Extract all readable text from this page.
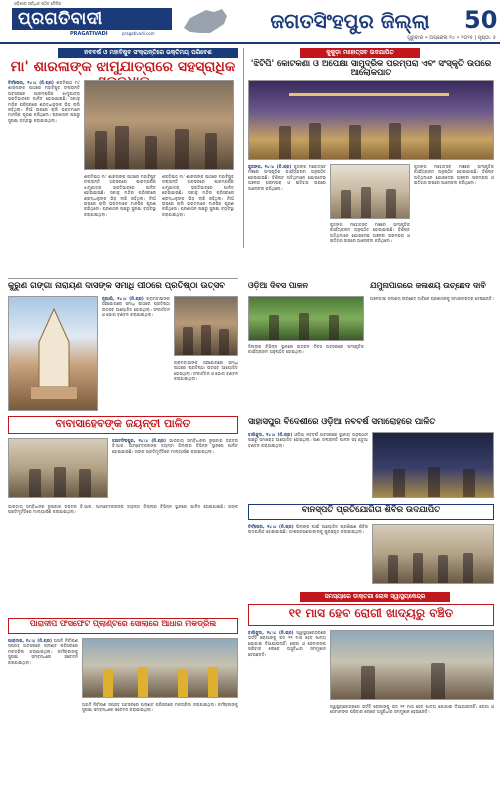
ଓଡ଼ିଶାର ସର୍ବାଧିକ ପଠିତ ଦୈନିକ
ପ୍ରଗତିବାଦୀ
PRAGATIVADI	pragativadi.com
ଜଗତସିଂହପୁର ଜିଲ୍ଲା	50
ଗୁରୁବାର • ଅପ୍ରେଲ ୧୪ • ୨୦୨୫ | ପୃଷ୍ଠା: ୫
ନବବର୍ଷ ଓ ମହାବିଷୁବ ସଂକ୍ରାନ୍ତିରେ ଭକ୍ତିମୟ ପରିବେଶ
ମା' ଶାରଳାଙ୍କ ଝାମୁଯାତ୍ରାରେ ସହସ୍ରାଧିକ
ତିର୍ତ୍ତୋଲ, ୧୪।୪ (ନି.ପ୍ର) ଶକ୍ତିପୀଠ ମା' ଶାରଳାଙ୍କ ପୀଠରେ ମହାବିଷୁବ ସଂକ୍ରାନ୍ତି ଅବସରରେ ପାରମ୍ପରିକ ଝାମୁଯାତ୍ରା ଭକ୍ତିଭାବରେ ପାଳିତ ହୋଇଯାଇଛି। ସକାଳୁ ମନ୍ଦିର ପରିସରରେ ଶ୍ରଦ୍ଧାଳୁଙ୍କ ଭିଡ଼ ଲାଗି ରହିଥିଲା। ନିଆଁ ଉପରେ ଚାଲି ଭକ୍ତମାନେ ମାନସିକ ପୂରଣ କରିଥିଲେ। ପ୍ରଶାସନ ପକ୍ଷରୁ ସୁରକ୍ଷା ବ୍ୟବସ୍ଥା କରାଯାଇଥିଲା।
ଶକ୍ତିପୀଠ ମା' ଶାରଳାଙ୍କ ପୀଠରେ ମହାବିଷୁବ ସଂକ୍ରାନ୍ତି ଅବସରରେ ପାରମ୍ପରିକ ଝାମୁଯାତ୍ରା ଭକ୍ତିଭାବରେ ପାଳିତ ହୋଇଯାଇଛି। ସକାଳୁ ମନ୍ଦିର ପରିସରରେ ଶ୍ରଦ୍ଧାଳୁଙ୍କ ଭିଡ଼ ଲାଗି ରହିଥିଲା। ନିଆଁ ଉପରେ ଚାଲି ଭକ୍ତମାନେ ମାନସିକ ପୂରଣ କରିଥିଲେ। ପ୍ରଶାସନ ପକ୍ଷରୁ ସୁରକ୍ଷା ବ୍ୟବସ୍ଥା କରାଯାଇଥିଲା।
ଶକ୍ତିପୀଠ ମା' ଶାରଳାଙ୍କ ପୀଠରେ ମହାବିଷୁବ ସଂକ୍ରାନ୍ତି ଅବସରରେ ପାରମ୍ପରିକ ଝାମୁଯାତ୍ରା ଭକ୍ତିଭାବରେ ପାଳିତ ହୋଇଯାଇଛି। ସକାଳୁ ମନ୍ଦିର ପରିସରରେ ଶ୍ରଦ୍ଧାଳୁଙ୍କ ଭିଡ଼ ଲାଗି ରହିଥିଲା। ନିଆଁ ଉପରେ ଚାଲି ଭକ୍ତମାନେ ମାନସିକ ପୂରଣ କରିଥିଲେ। ପ୍ରଶାସନ ପକ୍ଷରୁ ସୁରକ୍ଷା ବ୍ୟବସ୍ଥା କରାଯାଇଥିଲା।
କୁକୁଡ଼ା ମହୋତ୍ସବ ଉଦଯାପିତ
'ଝିଟିପି' କୋଟକଣା ଓ ଅପେକ୍ଷା ସାମୁଦ୍ରିକ ପରମ୍ପରା ଏବଂ ସଂସ୍କୃତି ଉପରେ ଆଲୋକପାତ
କୁଜଙ୍ଗ, ୧୪।୪ (ନି.ପ୍ର) କୁଜଙ୍ଗ ମହୋତ୍ସବ ମଞ୍ଚରେ ସାଂସ୍କୃତିକ କାର୍ଯ୍ୟକ୍ରମ ଅନୁଷ୍ଠିତ ହୋଇଯାଇଛି। ବିଶିଷ୍ଟ ଅତିଥିମାନେ ଯୋଗଦେଇ ଅଞ୍ଚଳର ପରମ୍ପରା ଓ ଇତିହାସ ଉପରେ ଆଲୋଚନା କରିଥିଲେ।
କୁଜଙ୍ଗ ମହୋତ୍ସବ ମଞ୍ଚରେ ସାଂସ୍କୃତିକ କାର୍ଯ୍ୟକ୍ରମ ଅନୁଷ୍ଠିତ ହୋଇଯାଇଛି। ବିଶିଷ୍ଟ ଅତିଥିମାନେ ଯୋଗଦେଇ ଅଞ୍ଚଳର ପରମ୍ପରା ଓ ଇତିହାସ ଉପରେ ଆଲୋଚନା କରିଥିଲେ।
କୁଜଙ୍ଗ ମହୋତ୍ସବ ମଞ୍ଚରେ ସାଂସ୍କୃତିକ କାର୍ଯ୍ୟକ୍ରମ ଅନୁଷ୍ଠିତ ହୋଇଯାଇଛି। ବିଶିଷ୍ଟ ଅତିଥିମାନେ ଯୋଗଦେଇ ଅଞ୍ଚଳର ପରମ୍ପରା ଓ ଇତିହାସ ଉପରେ ଆଲୋଚନା କରିଥିଲେ।
କୁରୁଣ ଗଙ୍ଗା ନାରାୟଣ ଦାସଙ୍କ ସମାଧି ପୀଠରେ ପ୍ରତିଷ୍ଠା ଉତ୍ସବ
ନୂଆଗାଁ, ୧୪।୪ (ନି.ପ୍ର) ଗ୍ରାମବାସୀଙ୍କ ସହଯୋଗରେ ସମାଧି ପୀଠରେ ପ୍ରତିଷ୍ଠା ଉତ୍ସବ ଆୟୋଜିତ ହୋଇଥିଲା। ସଂକୀର୍ତ୍ତନ ଓ ଭୋଗ ବଣ୍ଟନ କରାଯାଇଥିଲା।
ଗ୍ରାମବାସୀଙ୍କ ସହଯୋଗରେ ସମାଧି ପୀଠରେ ପ୍ରତିଷ୍ଠା ଉତ୍ସବ ଆୟୋଜିତ ହୋଇଥିଲା। ସଂକୀର୍ତ୍ତନ ଓ ଭୋଗ ବଣ୍ଟନ କରାଯାଇଥିଲା।
ଓଡ଼ିଆ ଦିବସ ପାଳନ
ଜିଲ୍ଲାର ବିଭିନ୍ନ ସ୍ଥାନରେ ଉତ୍କଳ ଦିବସ ଅବସରରେ ସାଂସ୍କୃତିକ କାର୍ଯ୍ୟକ୍ରମ ଅନୁଷ୍ଠିତ ହୋଇଥିଲା।
ଯମୁନାପାରରେ ଜଳାଶୟ ଉଚ୍ଛେଦ ଦାବି
ଅଞ୍ଚଳବାସୀ ଜଳାଶୟ ଉଚ୍ଛେଦ ଦାବିରେ ପ୍ରଶାସନକୁ ସ୍ମାରକପତ୍ର ଦେଇଛନ୍ତି।
ବାବାସାହେବଙ୍କ ଜୟନ୍ତୀ ପାଳିତ
ଜଗତସିଂହପୁର, ୧୪।୪ (ନି.ପ୍ର) ଭାରତୀୟ ସମ୍ବିଧାନର ରୂପକାର ଡକ୍ଟର ବି.ଆର. ଆମ୍ବେଦକରଙ୍କ ଜୟନ୍ତୀ ଜିଲ୍ଲାର ବିଭିନ୍ନ ସ୍ଥାନରେ ପାଳିତ ହୋଇଯାଇଛି। ତାଙ୍କ ପ୍ରତିମୂର୍ତ୍ତିରେ ମାଲ୍ୟାର୍ପଣ କରାଯାଇଥିଲା।
ସାହାସପୁର ବିଦେଶୀରେ ଓଡ଼ିଆ ନବବର୍ଷ ସମାରୋହରେ ପାଳିତ
ବାଲିକୁଦା, ୧୪।୪ (ନି.ପ୍ର) ଓଡ଼ିଆ ନବବର୍ଷ ଅବସରରେ ସ୍ଥାନୀୟ ଅନୁଷ୍ଠାନ ପକ୍ଷରୁ ସମାରୋହ ଆୟୋଜିତ ହୋଇଥିଲା। ପଣା ସଂକ୍ରାନ୍ତି ପାଳନ ସହ ଛତୁଆ ବଣ୍ଟନ କରାଯାଇଥିଲା।
ବାନସ୍ପତି ପ୍ରତିଯୋଗିତା ଶିବିର ଉଦଯାପିତ
ତିର୍ତ୍ତୋଲ, ୧୪।୪ (ନି.ପ୍ର) ପିଲାଙ୍କ ପାଇଁ ଆୟୋଜିତ ପ୍ରଶିକ୍ଷଣ ଶିବିର ଉଦଯାପିତ ହୋଇଯାଇଛି। ଅଂଶଗ୍ରହଣକାରୀଙ୍କୁ ପୁରସ୍କୃତ କରାଯାଇଥିଲା।
ଭାରତୀୟ ସମ୍ବିଧାନର ରୂପକାର ଡକ୍ଟର ବି.ଆର. ଆମ୍ବେଦକରଙ୍କ ଜୟନ୍ତୀ ଜିଲ୍ଲାର ବିଭିନ୍ନ ସ୍ଥାନରେ ପାଳିତ ହୋଇଯାଇଛି। ତାଙ୍କ ପ୍ରତିମୂର୍ତ୍ତିରେ ମାଲ୍ୟାର୍ପଣ କରାଯାଇଥିଲା।
ପାରାଦୀପ ଫସଫେଟ ପ୍ଲାଣ୍ଟରେ ସୋଲାରେ ଆଧାର ମକଡ୍ରିଲ
ପାରାଦୀପ, ୧୪।୪ (ନି.ପ୍ର) ଅଗ୍ନି ନିର୍ବାପଣ ସପ୍ତାହ ଅବସରରେ ପ୍ଲାଣ୍ଟ ପରିସରରେ ମକଡ୍ରିଲ କରାଯାଇଥିଲା। କର୍ମଚାରୀଙ୍କୁ ସୁରକ୍ଷା ସମ୍ବନ୍ଧରେ ସଚେତନ କରାଯାଇଥିଲା।
ଅଗ୍ନି ନିର୍ବାପଣ ସପ୍ତାହ ଅବସରରେ ପ୍ଲାଣ୍ଟ ପରିସରରେ ମକଡ୍ରିଲ କରାଯାଇଥିଲା। କର୍ମଚାରୀଙ୍କୁ ସୁରକ୍ଷା ସମ୍ବନ୍ଧରେ ସଚେତନ କରାଯାଇଥିଲା।
ସମସ୍ୟାରେ ଡାକ୍ତରୀ ଲୋକ ସ୍ୱାସ୍ଥ୍ୟକେନ୍ଦ୍ର
୧୧ ମାସ ହେବ ରୋଗୀ ଖାଦ୍ୟରୁ ବଞ୍ଚିତ
ବାଲିକୁଦା, ୧୪।୪ (ନି.ପ୍ର) ସ୍ୱାସ୍ଥ୍ୟକେନ୍ଦ୍ରରେ ଭର୍ତ୍ତି ରୋଗୀଙ୍କୁ ଗତ ୧୧ ମାସ ହେବ ଖାଦ୍ୟ ଯୋଗାଇ ଦିଆଯାଉନାହିଁ। ରୋଗୀ ଓ ସେମାନଙ୍କ ପରିବାର ଲୋକେ ଅସୁବିଧାର ସମ୍ମୁଖୀନ ହେଉଛନ୍ତି।
ସ୍ୱାସ୍ଥ୍ୟକେନ୍ଦ୍ରରେ ଭର୍ତ୍ତି ରୋଗୀଙ୍କୁ ଗତ ୧୧ ମାସ ହେବ ଖାଦ୍ୟ ଯୋଗାଇ ଦିଆଯାଉନାହିଁ। ରୋଗୀ ଓ ସେମାନଙ୍କ ପରିବାର ଲୋକେ ଅସୁବିଧାର ସମ୍ମୁଖୀନ ହେଉଛନ୍ତି।
